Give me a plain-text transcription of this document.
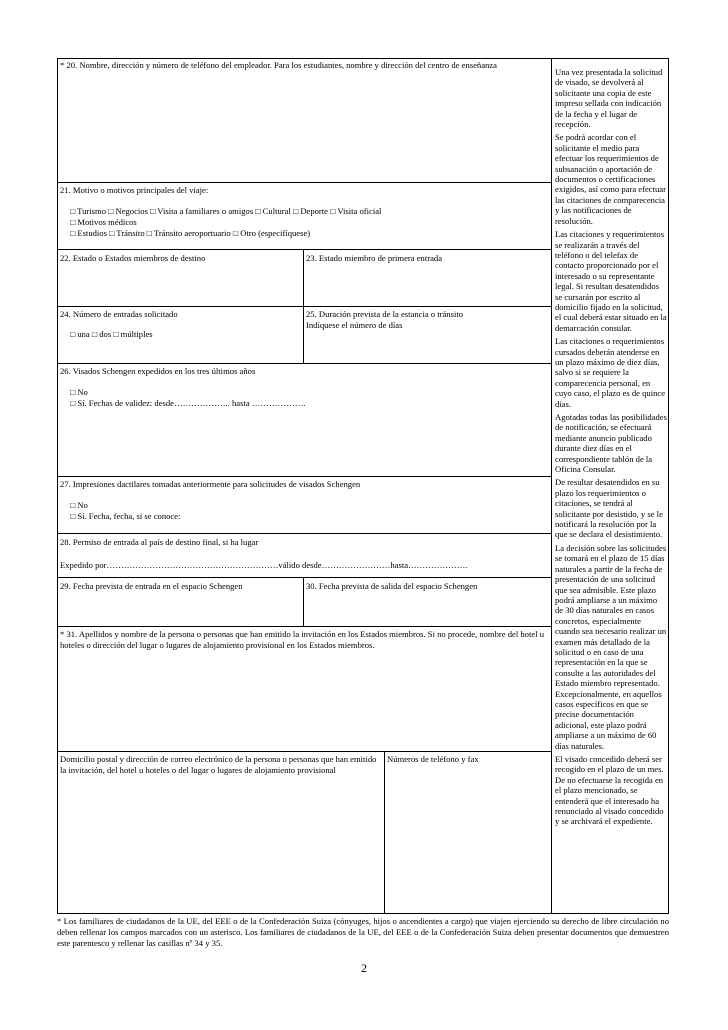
* 20. Nombre, dirección y número de teléfono del empleador. Para los estudiantes, nombre y dirección del centro de enseñanza
21. Motivo o motivos principales del viaje:
□ Turismo □ Negocios □ Visita a familiares o amigos □ Cultural □ Deporte □ Visita oficial
□ Motivos médicos
□ Estudios □ Tránsito □ Tránsito aeroportuario □ Otro (especifíquese)
22. Estado o Estados miembros de destino	23. Estado miembro de primera entrada
24. Número de entradas solicitado
□ una □ dos □ múltiples
25. Duración prevista de la estancia o tránsito
Indíquese el número de días
26. Visados Schengen expedidos en los tres últimos años
□ No
□ Sí. Fechas de validez: desde……………….. hasta ……………….
27. Impresiones dactilares tomadas anteriormente para solicitudes de visados Schengen
□ No
□ Sí. Fecha, fecha, si se conoce:
28. Permiso de entrada al país de destino final, si ha lugar
Expedido por……………………………………………………válido desde……………………hasta…………………
29. Fecha prevista de entrada en el espacio Schengen	30. Fecha prevista de salida del espacio Schengen
* 31. Apellidos y nombre de la persona o personas que han emitido la invitación en los Estados miembros. Si no procede, nombre del hotel u hoteles o dirección del lugar o lugares de alojamiento provisional en los Estados miembros.
Domicilio postal y dirección de correo electrónico de la persona o personas que han emitido la invitación, del hotel u hoteles o del lugar o lugares de alojamiento provisional
Números de teléfono y fax

Una vez presentada la solicitud de visado, se devolverá al solicitante una copia de este impreso sellada con indicación de la fecha y el lugar de recepción.

Se podrá acordar con el solicitante el medio para efectuar los requerimientos de subsanación o aportación de documentos o certificaciones exigidos, así como para efectuar las citaciones de comparecencia y las notificaciones de resolución.

Las citaciones y requerimientos se realizarán a través del teléfono o del telefax de contacto proporcionado por el interesado o su representante legal. Si resultan desatendidos se cursarán por escrito al domicilio fijado en la solicitud, el cual deberá estar situado en la demarcación consular.

Las citaciones o requerimientos cursados deberán atenderse en un plazo máximo de diez días, salvo si se requiere la comparecencia personal, en cuyo caso, el plazo es de quince días.

Agotadas todas las posibilidades de notificación, se efectuará mediante anuncio publicado durante diez días en el correspondiente tablón de la Oficina Consular.

De resultar desatendidos en su plazo los requerimientos o citaciones, se tendrá al solicitante por desistido, y se le notificará la resolución por la que se declara el desistimiento.

La decisión sobre las solicitudes se tomará en el plazo de 15 días naturales a partir de la fecha de presentación de una solicitud que sea admisible. Este plazo podrá ampliarse a un máximo de 30 días naturales en casos concretos, especialmente cuando sea necesario realizar un examen más detallado de la solicitud o en caso de una representación en la que se consulte a las autoridades del Estado miembro representado. Excepcionalmente, en aquellos casos específicos en que se precise documentación adicional, este plazo podrá ampliarse a un máximo de 60 días naturales.

El visado concedido deberá ser recogido en el plazo de un mes. De no efectuarse la recogida en el plazo mencionado, se entenderá que el interesado ha renunciado al visado concedido y se archivará el expediente.

* Los familiares de ciudadanos de la UE, del EEE o de la Confederación Suiza (cónyuges, hijos o ascendientes a cargo) que viajen ejerciendo su derecho de libre circulación no deben rellenar los campos marcados con un asterisco. Los familiares de ciudadanos de la UE, del EEE o de la Confederación Suiza deben presentar documentos que demuestren este parentesco y rellenar las casillas nº 34 y 35.
2
